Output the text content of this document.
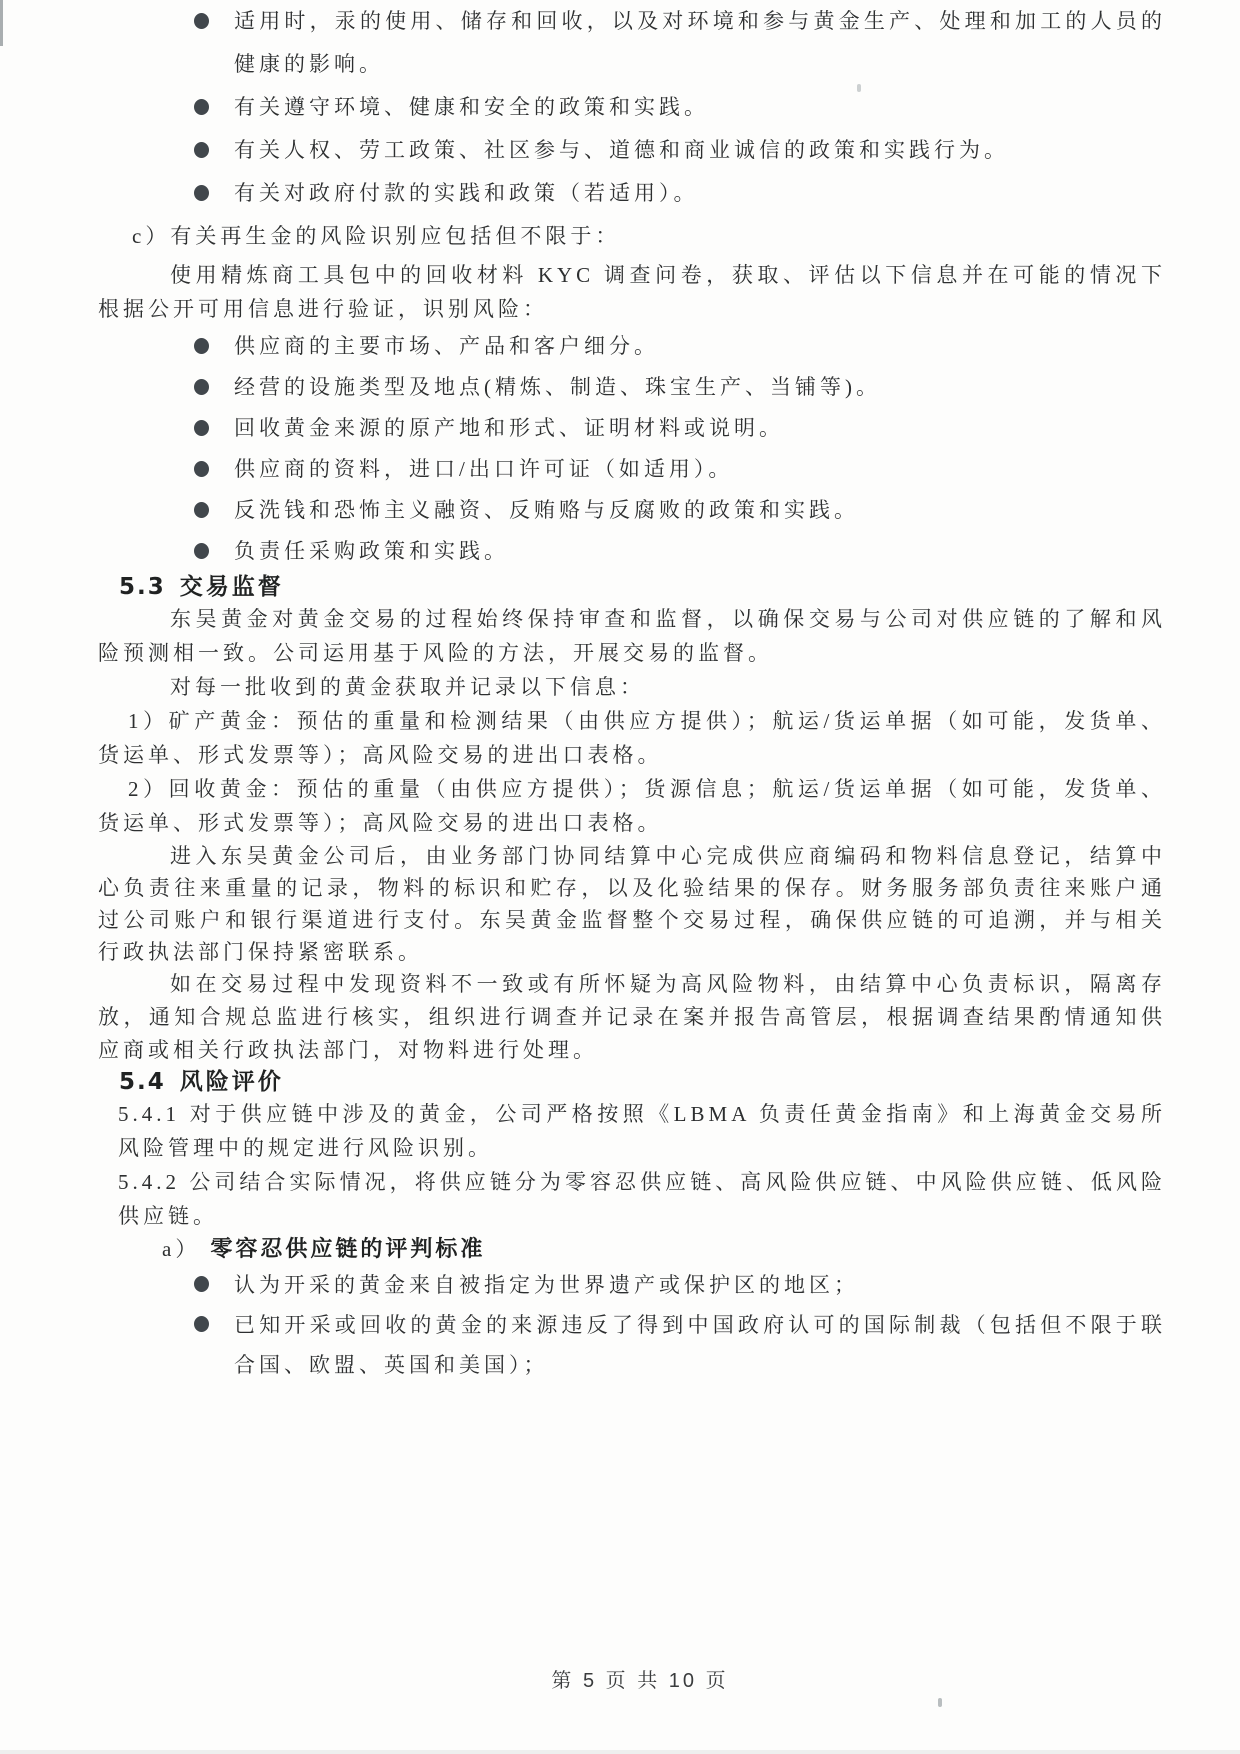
适用时，汞的使用、储存和回收，以及对环境和参与黄金生产、处理和加工的人员的健康的影响。
有关遵守环境、健康和安全的政策和实践。
有关人权、劳工政策、社区参与、道德和商业诚信的政策和实践行为。
有关对政府付款的实践和政策（若适用）。
c）有关再生金的风险识别应包括但不限于：

使用精炼商工具包中的回收材料 KYC 调查问卷，获取、评估以下信息并在可能的情况下根据公开可用信息进行验证，识别风险：

供应商的主要市场、产品和客户细分。
经营的设施类型及地点(精炼、制造、珠宝生产、当铺等)。
回收黄金来源的原产地和形式、证明材料或说明。
供应商的资料，进口/出口许可证（如适用）。
反洗钱和恐怖主义融资、反贿赂与反腐败的政策和实践。
负责任采购政策和实践。
5.3 交易监督

东吴黄金对黄金交易的过程始终保持审查和监督，以确保交易与公司对供应链的了解和风险预测相一致。公司运用基于风险的方法，开展交易的监督。

对每一批收到的黄金获取并记录以下信息：

1）矿产黄金：预估的重量和检测结果（由供应方提供）；航运/货运单据（如可能，发货单、货运单、形式发票等）；高风险交易的进出口表格。

2）回收黄金：预估的重量（由供应方提供）；货源信息；航运/货运单据（如可能，发货单、货运单、形式发票等）；高风险交易的进出口表格。

进入东吴黄金公司后，由业务部门协同结算中心完成供应商编码和物料信息登记，结算中心负责往来重量的记录，物料的标识和贮存，以及化验结果的保存。财务服务部负责往来账户通过公司账户和银行渠道进行支付。东吴黄金监督整个交易过程，确保供应链的可追溯，并与相关行政执法部门保持紧密联系。

如在交易过程中发现资料不一致或有所怀疑为高风险物料，由结算中心负责标识，隔离存放，通知合规总监进行核实，组织进行调查并记录在案并报告高管层，根据调查结果酌情通知供应商或相关行政执法部门，对物料进行处理。

5.4 风险评价

5.4.1 对于供应链中涉及的黄金，公司严格按照《LBMA 负责任黄金指南》和上海黄金交易所风险管理中的规定进行风险识别。

5.4.2 公司结合实际情况，将供应链分为零容忍供应链、高风险供应链、中风险供应链、低风险供应链。

a） 零容忍供应链的评判标准
认为开采的黄金来自被指定为世界遗产或保护区的地区；
已知开采或回收的黄金的来源违反了得到中国政府认可的国际制裁（包括但不限于联合国、欧盟、英国和美国）；
第 5 页 共 10 页
